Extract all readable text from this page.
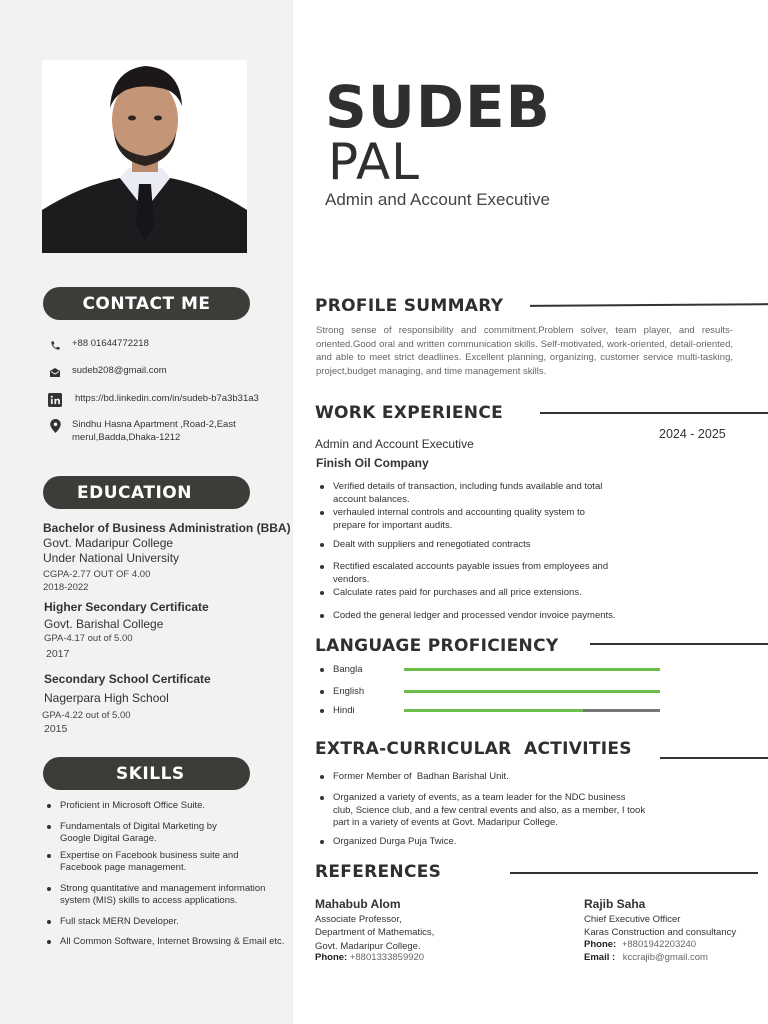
SUDEB
PAL
Admin and Account Executive
CONTACT ME
+88 01644772218
sudeb208@gmail.com
https://bd.linkedin.com/in/sudeb-b7a3b31a3
Sindhu Hasna Apartment ,Road-2,East merul,Badda,Dhaka-1212
EDUCATION
Bachelor of Business Administration (BBA)
Govt. Madaripur College
Under National University
CGPA-2.77 OUT OF 4.00
2018-2022
Higher Secondary Certificate
Govt. Barishal College
GPA-4.17 out of 5.00
2017
Secondary School Certificate
Nagerpara High School
GPA-4.22 out of 5.00
2015
SKILLS
Proficient in Microsoft Office Suite.
Fundamentals of Digital Marketing by Google Digital Garage.
Expertise on Facebook business suite and Facebook page management.
Strong quantitative and management information system (MIS) skills to access applications.
Full stack MERN Developer.
All Common Software, Internet Browsing & Email etc.
PROFILE SUMMARY
Strong sense of responsibility and commitment.Problem solver, team player, and results-oriented.Good oral and written communication skills. Self-motivated, work-oriented, detail-oriented, and able to meet strict deadlines. Excellent planning, organizing, customer service multi-tasking, project,budget managing, and time management skills.
WORK EXPERIENCE
Admin and Account Executive
2024 - 2025
Finish Oil Company
Verified details of transaction, including funds available and total account balances.
verhauled internal controls and accounting quality system to prepare for important audits.
Dealt with suppliers and renegotiated contracts
Rectified escalated accounts payable issues from employees and vendors.
Calculate rates paid for purchases and all price extensions.
Coded the general ledger and processed vendor invoice payments.
LANGUAGE PROFICIENCY
Bangla
English
Hindi
EXTRA-CURRICULAR  ACTIVITIES
Former Member of  Badhan Barishal Unit.
Organized a variety of events, as a team leader for the NDC business club, Science club, and a few central events and also, as a member, I took part in a variety of events at Govt. Madaripur College.
Organized Durga Puja Twice.
REFERENCES
Mahabub Alom
Associate Professor,
Department of Mathematics,
Govt. Madaripur College.
Phone: +8801333859920
Rajib Saha
Chief Executive Officer
Karas Construction and consultancy
Phone: +8801942203240
Email : kccrajib@gmail.com
